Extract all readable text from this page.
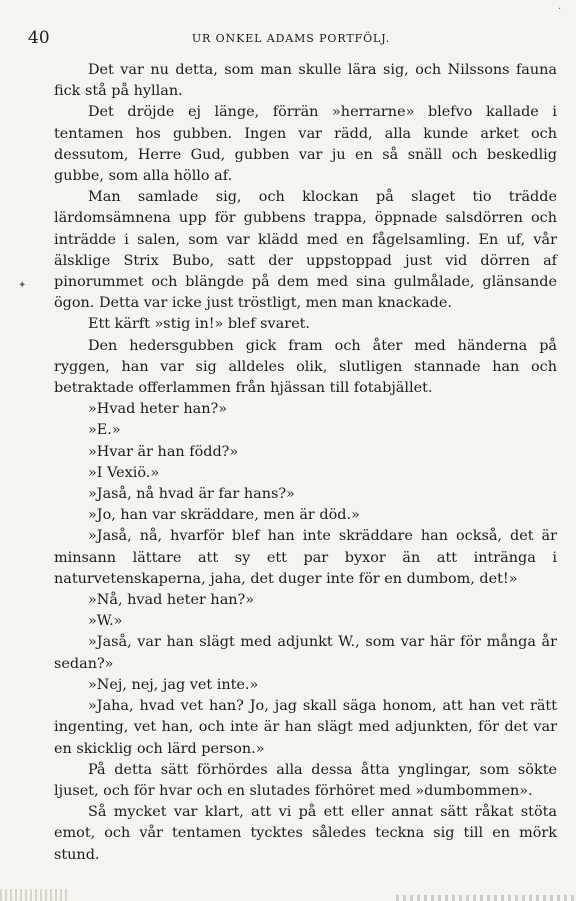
40	UR ONKEL ADAMS PORTFÖLJ.

Det var nu detta, som man skulle lära sig, och Nilssons fauna fick stå på hyllan.

Det dröjde ej länge, förrän »herrarne» blefvo kallade i tentamen hos gubben. Ingen var rädd, alla kunde arket och dessutom, Herre Gud, gubben var ju en så snäll och beskedlig gubbe, som alla höllo af.

Man samlade sig, och klockan på slaget tio trädde lärdomsämnena upp för gubbens trappa, öppnade salsdörren och inträdde i salen, som var klädd med en fågelsamling. En uf, vår älsklige Strix Bubo, satt der uppstoppad just vid dörren af pinorummet och blängde på dem med sina gulmålade, glänsande ögon. Detta var icke just tröstligt, men man knackade.

Ett kärft »stig in!» blef svaret.

Den hedersgubben gick fram och åter med händerna på ryggen, han var sig alldeles olik, slutligen stannade han och betraktade offerlammen från hjässan till fotabjället.

»Hvad heter han?»

»E.»

»Hvar är han född?»

»I Vexiö.»

»Jaså, nå hvad är far hans?»

»Jo, han var skräddare, men är död.»

»Jaså, nå, hvarför blef han inte skräddare han också, det är minsann lättare att sy ett par byxor än att intränga i naturvetenskaperna, jaha, det duger inte för en dumbom, det!»

»Nå, hvad heter han?»

»W.»

»Jaså, var han slägt med adjunkt W., som var här för många år sedan?»

»Nej, nej, jag vet inte.»

»Jaha, hvad vet han? Jo, jag skall säga honom, att han vet rätt ingenting, vet han, och inte är han slägt med adjunkten, för det var en skicklig och lärd person.»

På detta sätt förhördes alla dessa åtta ynglingar, som sökte ljuset, och för hvar och en slutades förhöret med »dumbommen».

Så mycket var klart, att vi på ett eller annat sätt råkat stöta emot, och vår tentamen tycktes således teckna sig till en mörk stund.

✦
·
